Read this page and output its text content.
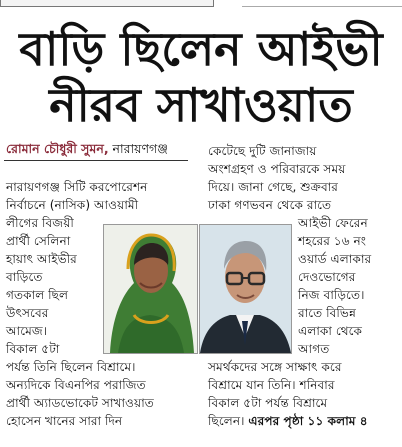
বাড়ি ছিলেন আইভী
নীরব সাখাওয়াত
রোমান চৌধুরী সুমন, নারায়ণগঞ্জ
নারায়ণগঞ্জ সিটি করপোরেশন
নির্বাচনে (নাসিক) আওয়ামী
লীগের বিজয়ী
প্রার্থী সেলিনা
হায়াৎ আইভীর
বাড়িতে
গতকাল ছিল
উৎসবের
আমেজ।
বিকাল ৫টা
পর্যন্ত তিনি ছিলেন বিশ্রামে।
অন্যদিকে বিএনপির পরাজিত
প্রার্থী অ্যাডভোকেট সাখাওয়াত
হোসেন খানের সারা দিন
কেটেছে দুটি জানাজায়
অংশগ্রহণ ও পরিবারকে সময়
দিয়ে। জানা গেছে, শুক্রবার
ঢাকা গণভবন থেকে রাতে
আইভী ফেরেন
শহরের ১৬ নং
ওয়ার্ড এলাকার
দেওভোগের
নিজ বাড়িতে।
রাতে বিভিন্ন
এলাকা থেকে
আগত
সমর্থকদের সঙ্গে সাক্ষাৎ করে
বিশ্রামে যান তিনি। শনিবার
বিকাল ৫টা পর্যন্ত বিশ্রামে
ছিলেন। এরপর পৃষ্ঠা ১১ কলাম ৪
